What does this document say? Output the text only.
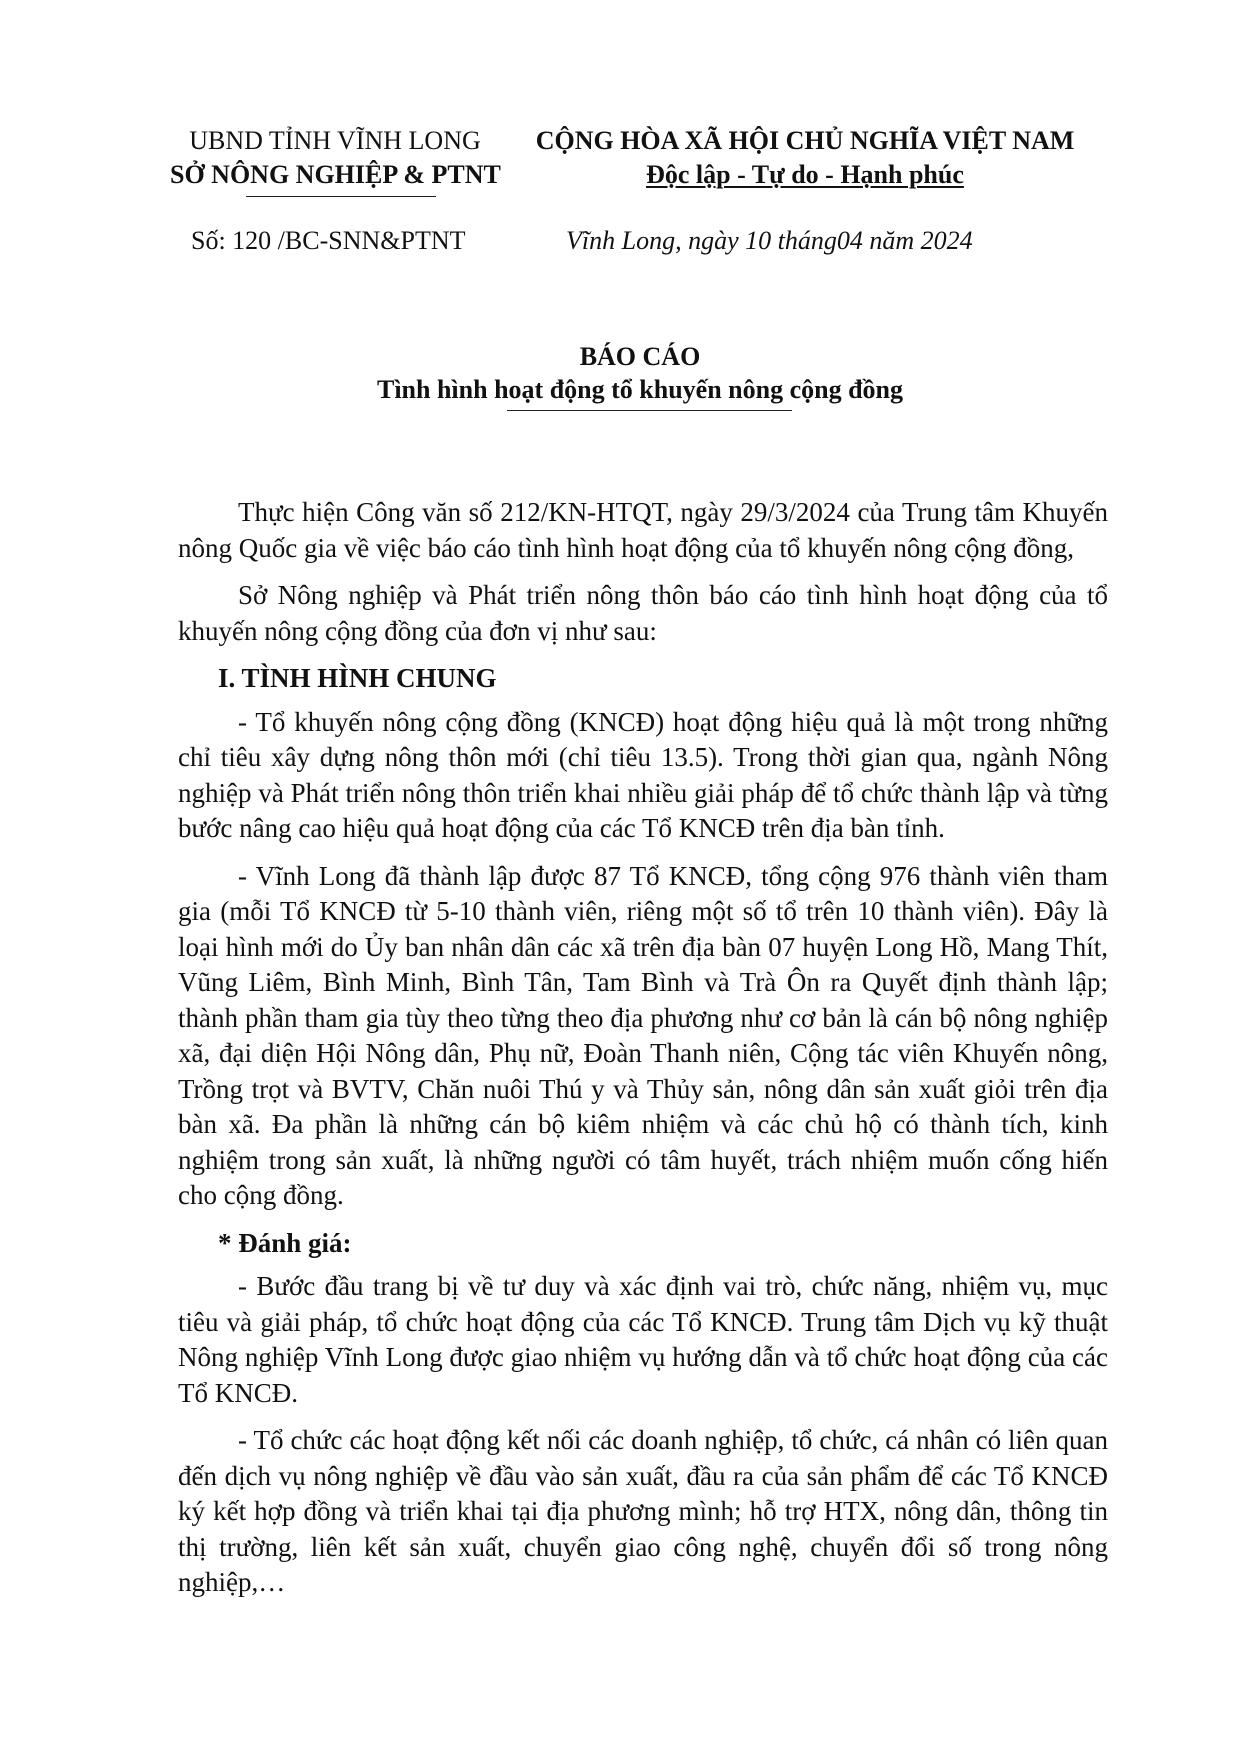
UBND TỈNH VĨNH LONG
SỞ NÔNG NGHIỆP & PTNT
CỘNG HÒA XÃ HỘI CHỦ NGHĨA VIỆT NAM
Độc lập - Tự do - Hạnh phúc
Số: 120 /BC-SNN&PTNT	Vĩnh Long, ngày 10 tháng04 năm 2024
BÁO CÁO
Tình hình hoạt động tổ khuyến nông cộng đồng

Thực hiện Công văn số 212/KN-HTQT, ngày 29/3/2024 của Trung tâm Khuyến nông Quốc gia về việc báo cáo tình hình hoạt động của tổ khuyến nông cộng đồng,

Sở Nông nghiệp và Phát triển nông thôn báo cáo tình hình hoạt động của tổ khuyến nông cộng đồng của đơn vị như sau:

I. TÌNH HÌNH CHUNG

- Tổ khuyến nông cộng đồng (KNCĐ) hoạt động hiệu quả là một trong những chỉ tiêu xây dựng nông thôn mới (chỉ tiêu 13.5). Trong thời gian qua, ngành Nông nghiệp và Phát triển nông thôn triển khai nhiều giải pháp để tổ chức thành lập và từng bước nâng cao hiệu quả hoạt động của các Tổ KNCĐ trên địa bàn tỉnh.

- Vĩnh Long đã thành lập được 87 Tổ KNCĐ, tổng cộng 976 thành viên tham gia (mỗi Tổ KNCĐ từ 5-10 thành viên, riêng một số tổ trên 10 thành viên). Đây là loại hình mới do Ủy ban nhân dân các xã trên địa bàn 07 huyện Long Hồ, Mang Thít, Vũng Liêm, Bình Minh, Bình Tân, Tam Bình và Trà Ôn ra Quyết định thành lập; thành phần tham gia tùy theo từng theo địa phương như cơ bản là cán bộ nông nghiệp xã, đại diện Hội Nông dân, Phụ nữ, Đoàn Thanh niên, Cộng tác viên Khuyến nông, Trồng trọt và BVTV, Chăn nuôi Thú y và Thủy sản, nông dân sản xuất giỏi trên địa bàn xã. Đa phần là những cán bộ kiêm nhiệm và các chủ hộ có thành tích, kinh nghiệm trong sản xuất, là những người có tâm huyết, trách nhiệm muốn cống hiến cho cộng đồng.

* Đánh giá:

- Bước đầu trang bị về tư duy và xác định vai trò, chức năng, nhiệm vụ, mục tiêu và giải pháp, tổ chức hoạt động của các Tổ KNCĐ. Trung tâm Dịch vụ kỹ thuật Nông nghiệp Vĩnh Long được giao nhiệm vụ hướng dẫn và tổ chức hoạt động của các Tổ KNCĐ.

- Tổ chức các hoạt động kết nối các doanh nghiệp, tổ chức, cá nhân có liên quan đến dịch vụ nông nghiệp về đầu vào sản xuất, đầu ra của sản phẩm để các Tổ KNCĐ ký kết hợp đồng và triển khai tại địa phương mình; hỗ trợ HTX, nông dân, thông tin thị trường, liên kết sản xuất, chuyển giao công nghệ, chuyển đổi số trong nông nghiệp,…
